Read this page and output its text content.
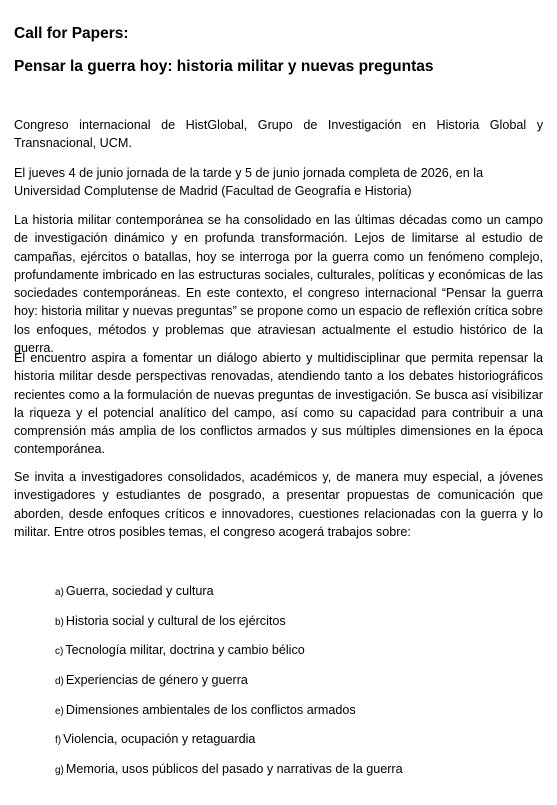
Call for Papers:
Pensar la guerra hoy: historia militar y nuevas preguntas
Congreso internacional de HistGlobal, Grupo de Investigación en Historia Global y Transnacional, UCM.
El jueves 4 de junio jornada de la tarde y 5 de junio jornada completa de 2026, en la Universidad Complutense de Madrid (Facultad de Geografía e Historia)
La historia militar contemporánea se ha consolidado en las últimas décadas como un campo de investigación dinámico y en profunda transformación. Lejos de limitarse al estudio de campañas, ejércitos o batallas, hoy se interroga por la guerra como un fenómeno complejo, profundamente imbricado en las estructuras sociales, culturales, políticas y económicas de las sociedades contemporáneas. En este contexto, el congreso internacional “Pensar la guerra hoy: historia militar y nuevas preguntas” se propone como un espacio de reflexión crítica sobre los enfoques, métodos y problemas que atraviesan actualmente el estudio histórico de la guerra.
El encuentro aspira a fomentar un diálogo abierto y multidisciplinar que permita repensar la historia militar desde perspectivas renovadas, atendiendo tanto a los debates historiográficos recientes como a la formulación de nuevas preguntas de investigación. Se busca así visibilizar la riqueza y el potencial analítico del campo, así como su capacidad para contribuir a una comprensión más amplia de los conflictos armados y sus múltiples dimensiones en la época contemporánea.
Se invita a investigadores consolidados, académicos y, de manera muy especial, a jóvenes investigadores y estudiantes de posgrado, a presentar propuestas de comunicación que aborden, desde enfoques críticos e innovadores, cuestiones relacionadas con la guerra y lo militar. Entre otros posibles temas, el congreso acogerá trabajos sobre:
a) Guerra, sociedad y cultura
b) Historia social y cultural de los ejércitos
c) Tecnología militar, doctrina y cambio bélico
d) Experiencias de género y guerra
e) Dimensiones ambientales de los conflictos armados
f) Violencia, ocupación y retaguardia
g) Memoria, usos públicos del pasado y narrativas de la guerra
